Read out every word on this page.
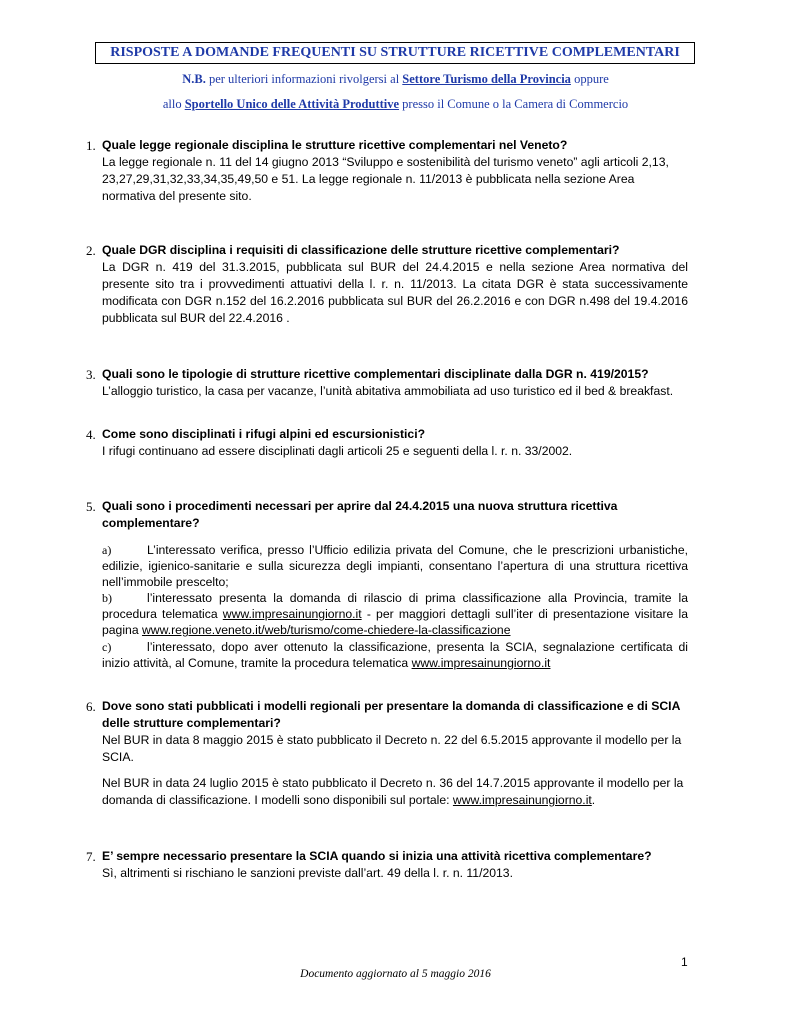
RISPOSTE A DOMANDE FREQUENTI SU STRUTTURE RICETTIVE COMPLEMENTARI
N.B. per ulteriori informazioni rivolgersi al Settore Turismo della Provincia oppure
allo Sportello Unico delle Attività Produttive presso il Comune o la Camera di Commercio
1. Quale legge regionale disciplina le strutture ricettive complementari nel Veneto?
La legge regionale n. 11 del 14 giugno 2013 “Sviluppo e sostenibilità del turismo veneto” agli articoli 2,13, 23,27,29,31,32,33,34,35,49,50 e 51. La legge regionale n. 11/2013 è pubblicata nella sezione Area normativa del presente sito.
2. Quale DGR disciplina i requisiti di classificazione delle strutture ricettive complementari?
La DGR n. 419 del 31.3.2015, pubblicata sul BUR del 24.4.2015 e nella sezione Area normativa del presente sito tra i provvedimenti attuativi della l. r. n. 11/2013. La citata DGR è stata successivamente modificata con DGR n.152 del 16.2.2016 pubblicata sul BUR del 26.2.2016 e con DGR n.498 del 19.4.2016 pubblicata sul BUR del 22.4.2016 .
3. Quali sono le tipologie di strutture ricettive complementari disciplinate dalla DGR n. 419/2015? L’alloggio turistico, la casa per vacanze, l’unità abitativa ammobiliata ad uso turistico ed il bed & breakfast.
4. Come sono disciplinati i rifugi alpini ed escursionistici?
I rifugi continuano ad essere disciplinati dagli articoli 25 e seguenti della l. r. n. 33/2002.
5. Quali sono i procedimenti necessari per aprire dal 24.4.2015 una nuova struttura ricettiva complementare?
a)	L’interessato verifica, presso l’Ufficio edilizia privata del Comune, che le prescrizioni urbanistiche, edilizie, igienico-sanitarie e sulla sicurezza degli impianti, consentano l’apertura di una struttura ricettiva nell’immobile prescelto;
b)	l’interessato presenta la domanda di rilascio di prima classificazione alla Provincia, tramite la procedura telematica www.impresainungiorno.it - per maggiori dettagli sull’iter di presentazione visitare la pagina www.regione.veneto.it/web/turismo/come-chiedere-la-classificazione
c)	l’interessato, dopo aver ottenuto la classificazione, presenta la SCIA, segnalazione certificata di inizio attività, al Comune, tramite la procedura telematica www.impresainungiorno.it
6. Dove sono stati pubblicati i modelli regionali per presentare la domanda di classificazione e di SCIA delle strutture complementari?
Nel BUR in data 8 maggio 2015 è stato pubblicato il Decreto n. 22 del 6.5.2015 approvante il modello per la SCIA.
Nel BUR in data 24 luglio 2015 è stato pubblicato il Decreto n. 36 del 14.7.2015 approvante il modello per la domanda di classificazione. I modelli sono disponibili sul portale: www.impresainungiorno.it.
7. E’ sempre necessario presentare la SCIA quando si inizia una attività ricettiva complementare?
Sì, altrimenti si rischiano le sanzioni previste dall’art. 49 della l. r. n. 11/2013.
1
Documento aggiornato al 5 maggio 2016
